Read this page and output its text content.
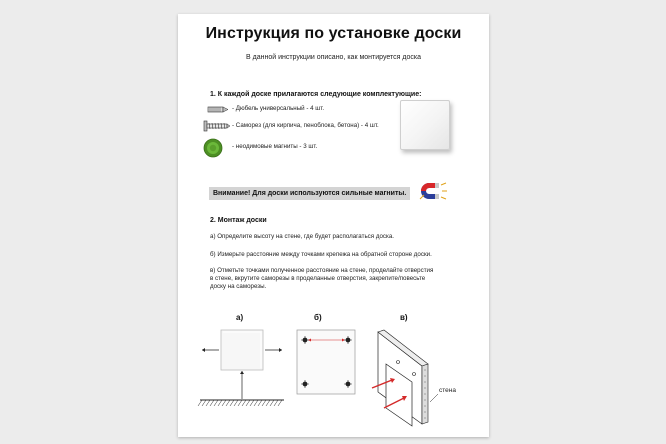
Инструкция по установке доски
В данной инструкции описано, как монтируется доска
1. К каждой доске прилагаются следующие комплектующие:
- Дюбель универсальный - 4 шт.
- Саморез (для кирпича, пеноблока, бетона) - 4 шт.
- неодимовые магниты - 3 шт.
Внимание! Для доски используются сильные магниты.
2. Монтаж доски
а) Определите высоту на стене, где будет располагаться доска.
б) Измерьте расстояние между точками крепежа на обратной стороне доски.
в) Отметьте точками полученное расстояние на стене, проделайте отверстия
в стене, вкрутите саморезы в проделанные отверстия, закрепите/повесьте
доску на саморезы.
а)	б)	в)
стена
